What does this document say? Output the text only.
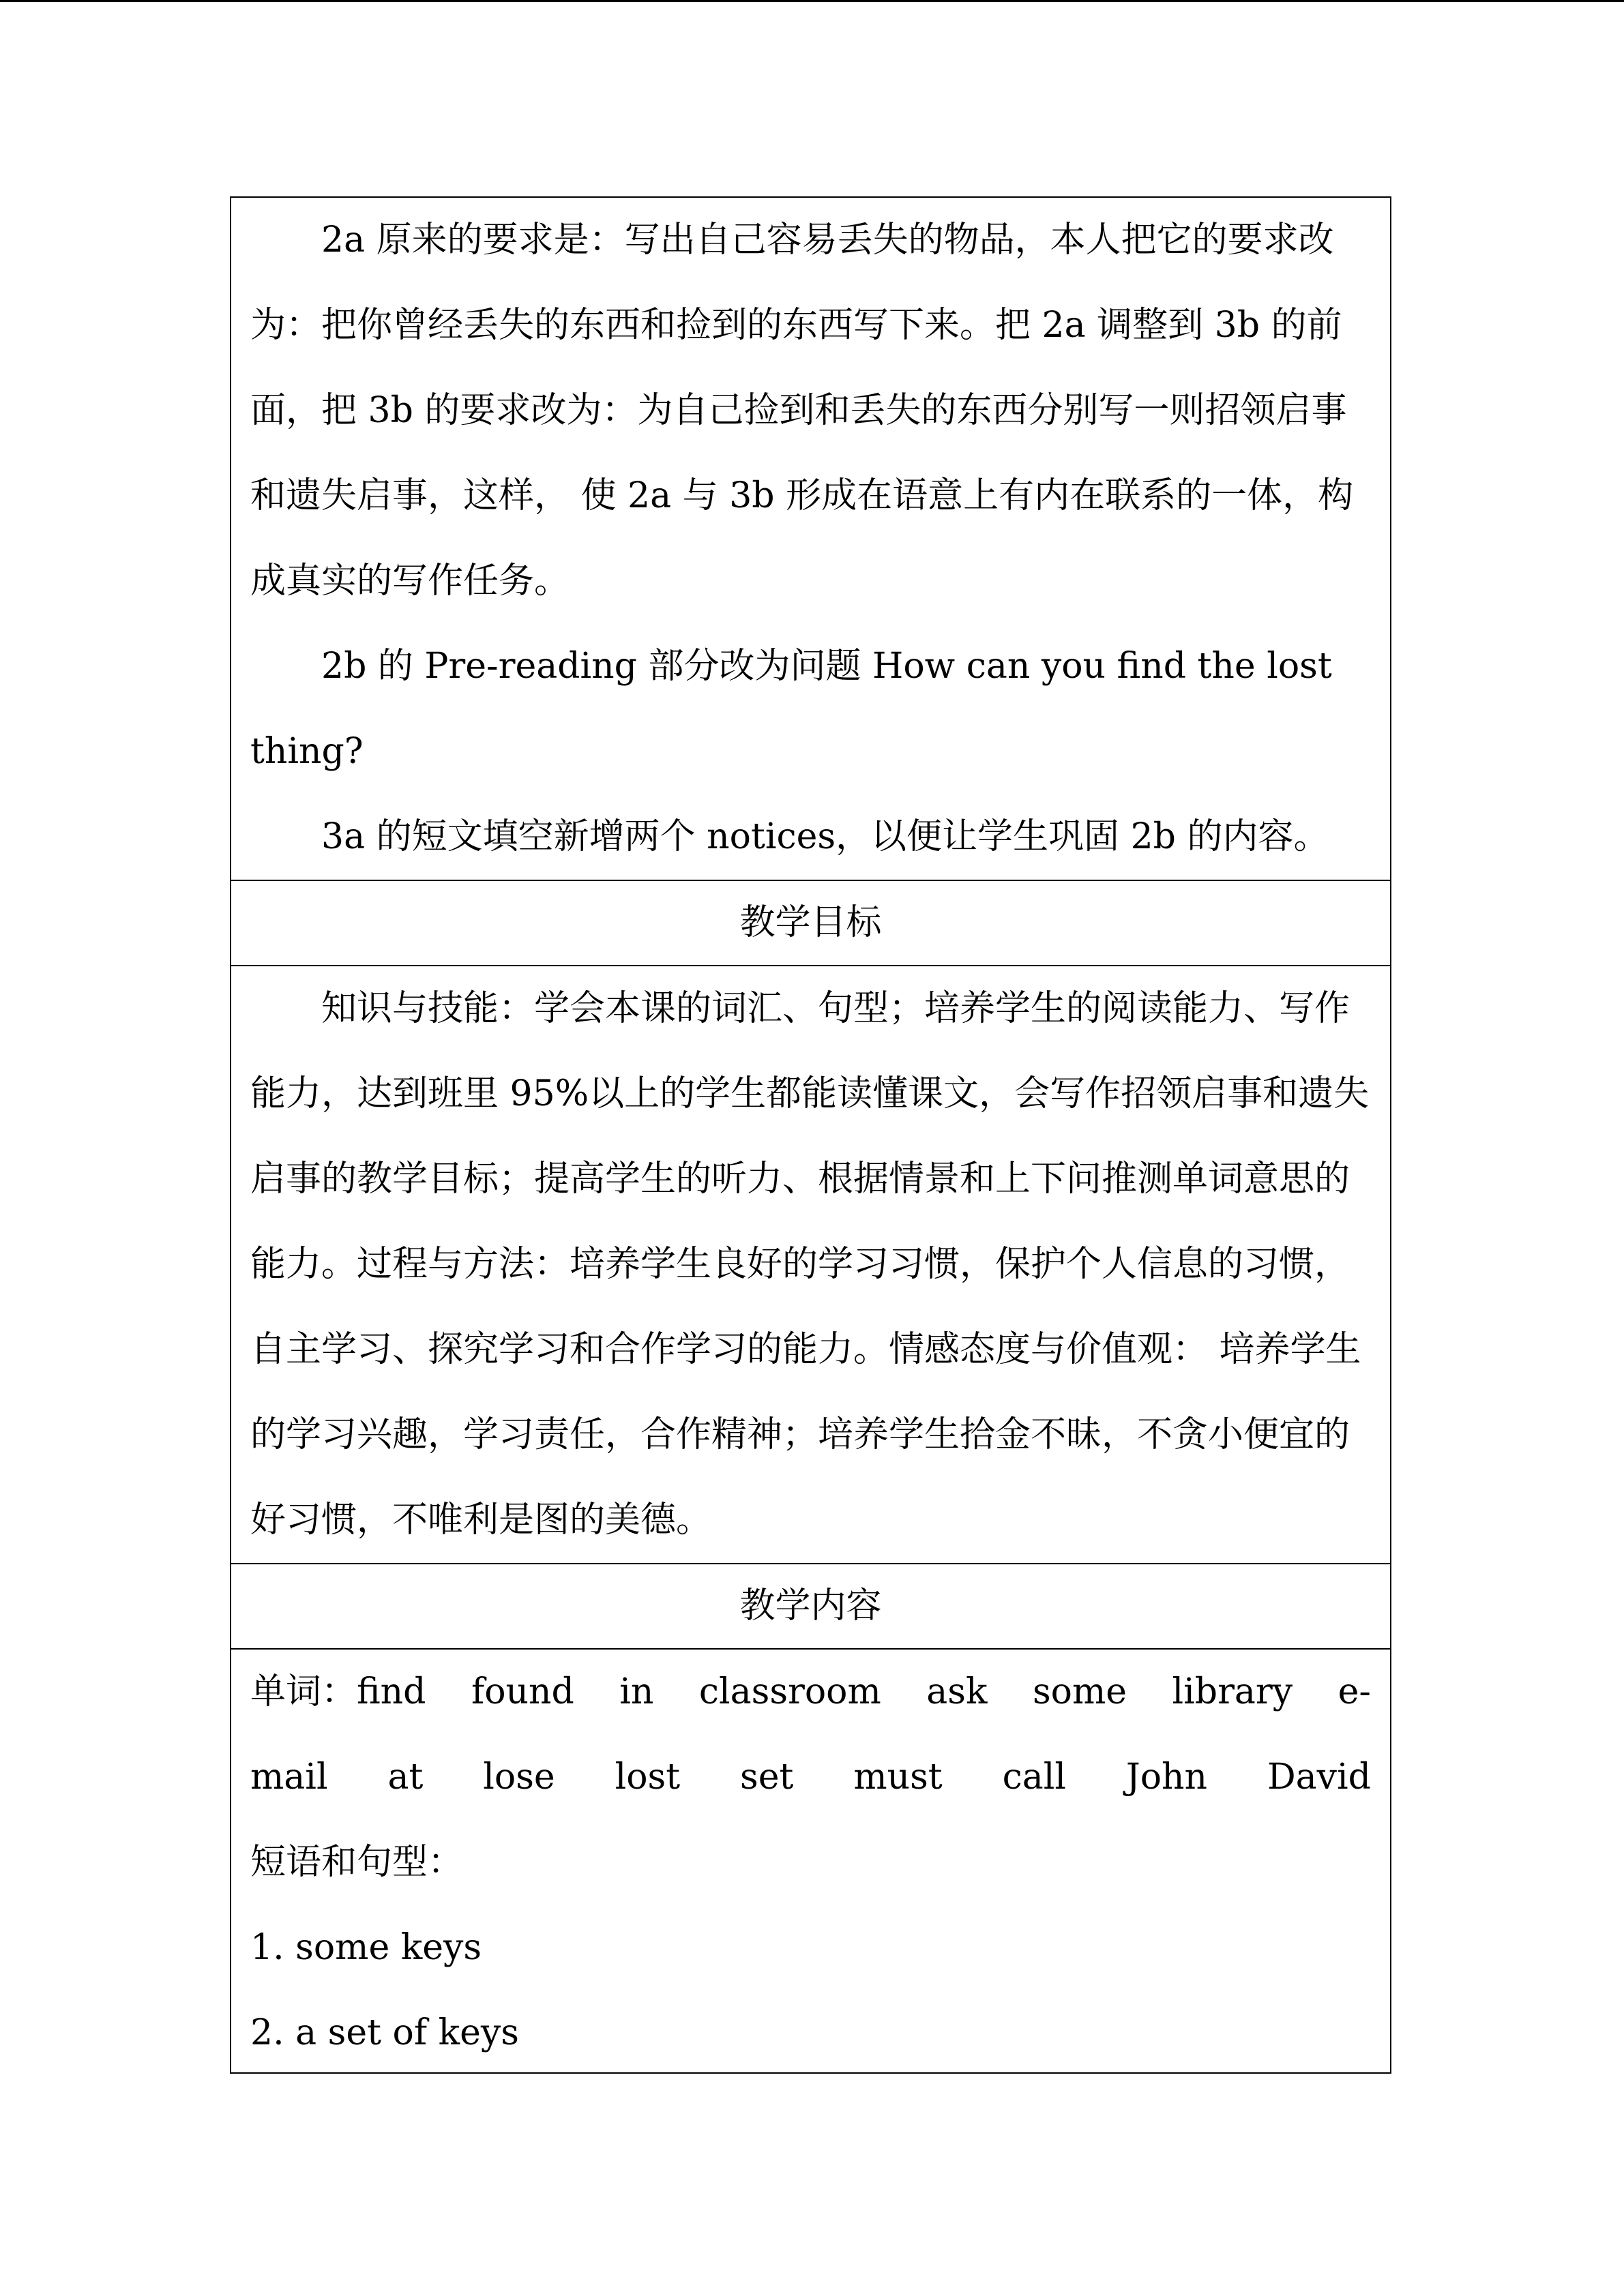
2a 原来的要求是：写出自己容易丢失的物品，本人把它的要求改为：把你曾经丢失的东西和捡到的东西写下来。把 2a 调整到 3b 的前面，把 3b 的要求改为：为自己捡到和丢失的东西分别写一则招领启事和遗失启事，这样， 使 2a 与 3b 形成在语意上有内在联系的一体，构成真实的写作任务。

2b 的 Pre-reading 部分改为问题 How can you find the lost thing?

3a 的短文填空新增两个 notices，以便让学生巩固 2b 的内容。

教学目标

知识与技能：学会本课的词汇、句型；培养学生的阅读能力、写作能力，达到班里 95%以上的学生都能读懂课文，会写作招领启事和遗失启事的教学目标；提高学生的听力、根据情景和上下问推测单词意思的能力。过程与方法：培养学生良好的学习习惯，保护个人信息的习惯，自主学习、探究学习和合作学习的能力。情感态度与价值观： 培养学生的学习兴趣，学习责任，合作精神；培养学生拾金不昧，不贪小便宜的好习惯，不唯利是图的美德。

教学内容
单词：find found in classroom ask some library e-
mail at lose lost set must call John David

短语和句型：

1. some keys

2. a set of keys
